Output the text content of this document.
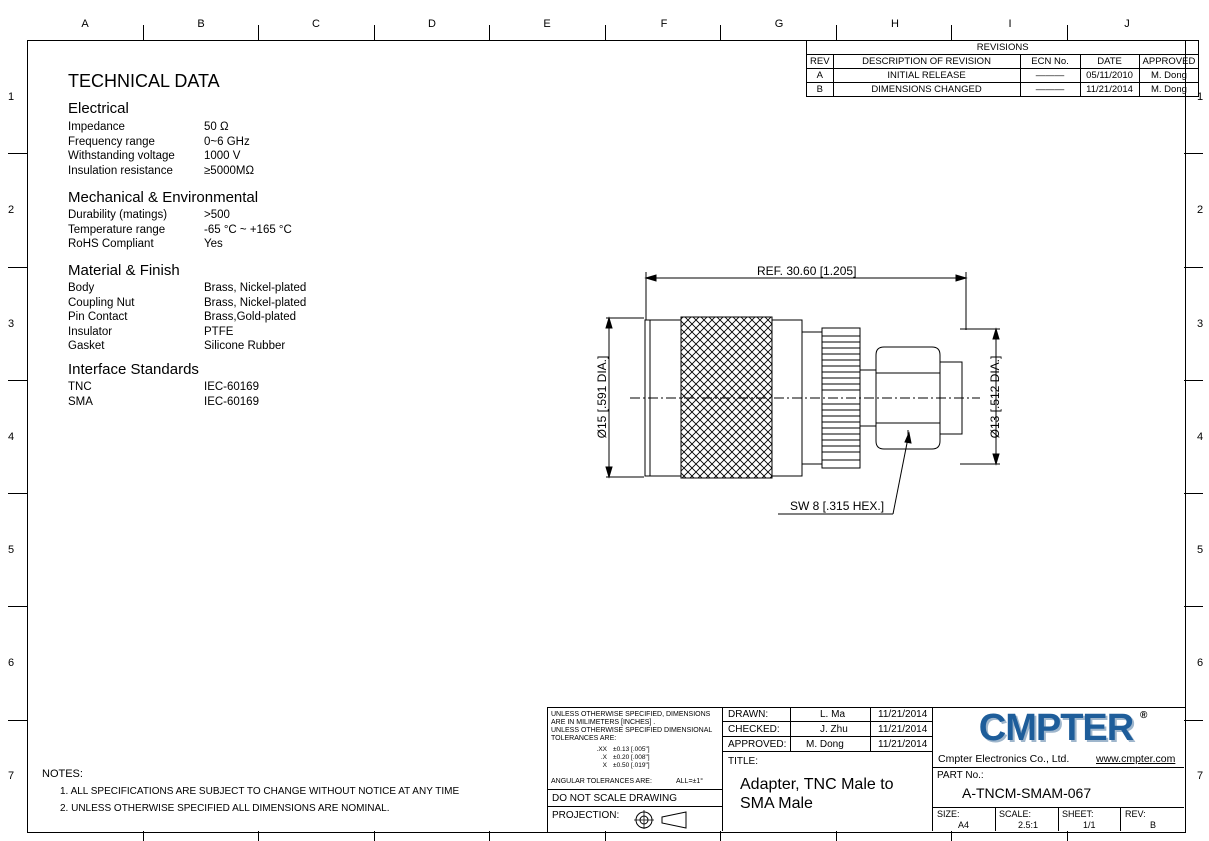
A	B	C	D	E	F	G	H	I	J
1
2
3
4
5
6
7
1
2
3
4
5
6
7
TECHNICAL DATA
Electrical
Impedance	50 Ω
Frequency range	0~6 GHz
Withstanding voltage	1000 V
Insulation resistance	≥5000MΩ
Mechanical & Environmental
Durability (matings)	>500
Temperature range	-65 °C ~ +165 °C
RoHS Compliant	Yes
Material & Finish
Body	Brass, Nickel-plated
Coupling Nut	Brass, Nickel-plated
Pin Contact	Brass,Gold-plated
Insulator	PTFE
Gasket	Silicone Rubber
Interface Standards
TNC	IEC-60169
SMA	IEC-60169
REVISIONS				
REV	DESCRIPTION OF REVISION	ECN No.	DATE	APPROVED
A	INITIAL RELEASE	———	05/11/2010	M. Dong
B	DIMENSIONS CHANGED	———	11/21/2014	M. Dong
REF. 30.60 [1.205]
Ø15 [.591 DIA.]	Ø13 [.512 DIA.]
SW 8 [.315 HEX.]
NOTES:
1. ALL SPECIFICATIONS ARE SUBJECT TO CHANGE WITHOUT NOTICE AT ANY TIME
2. UNLESS OTHERWISE SPECIFIED ALL DIMENSIONS ARE NOMINAL.
UNLESS OTHERWISE SPECIFIED, DIMENSIONS
ARE IN MILIMETERS [INCHES] .
UNLESS OTHERWISE SPECIFIED DIMENSIONAL
TOLERANCES ARE:
.XX ±0.13 [.005"]
.X ±0.20 [.008"]
X ±0.50 [.019"]
ANGULAR TOLERANCES ARE:	ALL=±1°
DO NOT SCALE DRAWING
PROJECTION:
DRAWN:	L. Ma	11/21/2014
CHECKED:	J. Zhu	11/21/2014
APPROVED: M. Dong	11/21/2014
TITLE:
Adapter, TNC Male to SMA Male
CMPTER ®
Cmpter Electronics Co., Ltd.	www.cmpter.com
PART No.:
A-TNCM-SMAM-067
SIZE:
A4
SCALE:
2.5:1
SHEET:
1/1
REV:
B
